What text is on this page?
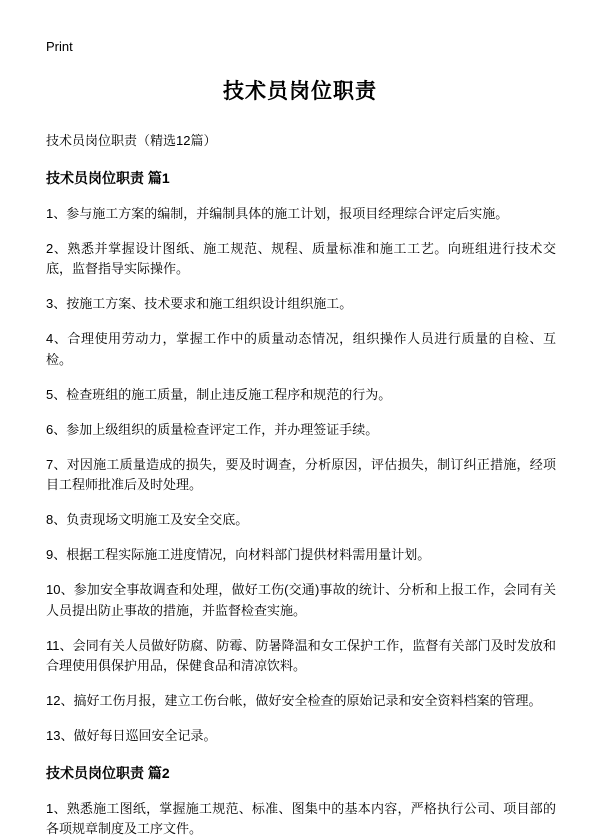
Print
技术员岗位职责

技术员岗位职责（精选12篇）

技术员岗位职责 篇1

1、参与施工方案的编制，并编制具体的施工计划，报项目经理综合评定后实施。

2、熟悉并掌握设计图纸、施工规范、规程、质量标准和施工工艺。向班组进行技术交底，监督指导实际操作。

3、按施工方案、技术要求和施工组织设计组织施工。

4、合理使用劳动力，掌握工作中的质量动态情况，组织操作人员进行质量的自检、互检。

5、检查班组的施工质量，制止违反施工程序和规范的行为。

6、参加上级组织的质量检查评定工作，并办理签证手续。

7、对因施工质量造成的损失，要及时调查，分析原因，评估损失，制订纠正措施，经项目工程师批准后及时处理。

8、负责现场文明施工及安全交底。

9、根据工程实际施工进度情况，向材料部门提供材料需用量计划。

10、参加安全事故调查和处理，做好工伤(交通)事故的统计、分析和上报工作，会同有关人员提出防止事故的措施，并监督检查实施。

11、会同有关人员做好防腐、防霉、防暑降温和女工保护工作，监督有关部门及时发放和合理使用俱保护用品，保健食品和清凉饮料。

12、搞好工伤月报，建立工伤台帐，做好安全检查的原始记录和安全资料档案的管理。

13、做好每日巡回安全记录。

技术员岗位职责 篇2

1、熟悉施工图纸，掌握施工规范、标准、图集中的基本内容，严格执行公司、项目部的各项规章制度及工序文件。
